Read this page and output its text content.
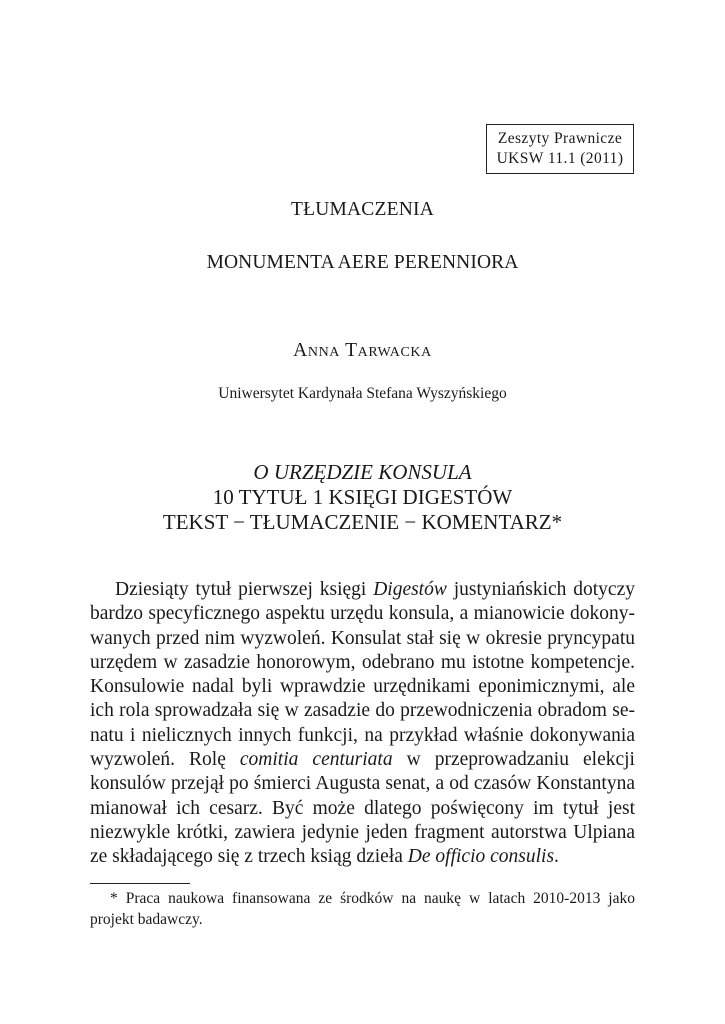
Zeszyty Prawnicze
UKSW 11.1 (2011)
TŁUMACZENIA
MONUMENTA AERE PERENNIORA
Anna Tarwacka
Uniwersytet Kardynała Stefana Wyszyńskiego
O URZĘDZIE KONSULA
10 TYTUŁ 1 KSIĘGI DIGESTÓW
TEKST − TŁUMACZENIE − KOMENTARZ*

Dziesiąty tytuł pierwszej księgi Digestów justyniańskich dotyczy bardzo specyficznego aspektu urzędu konsula, a mianowicie dokonywanych przed nim wyzwoleń. Konsulat stał się w okresie pryncypatu urzędem w zasadzie honorowym, odebrano mu istotne kompetencje. Konsulowie nadal byli wprawdzie urzędnikami eponimicznymi, ale ich rola sprowadzała się w zasadzie do przewodniczenia obradom senatu i nielicznych innych funkcji, na przykład właśnie dokonywania wyzwoleń. Rolę comitia centuriata w przeprowadzaniu elekcji konsulów przejął po śmierci Augusta senat, a od czasów Konstantyna mianował ich cesarz. Być może dlatego poświęcony im tytuł jest niezwykle krótki, zawiera jedynie jeden fragment autorstwa Ulpiana ze składającego się z trzech ksiąg dzieła De officio consulis.

* Praca naukowa finansowana ze środków na naukę w latach 2010-2013 jako projekt badawczy.
